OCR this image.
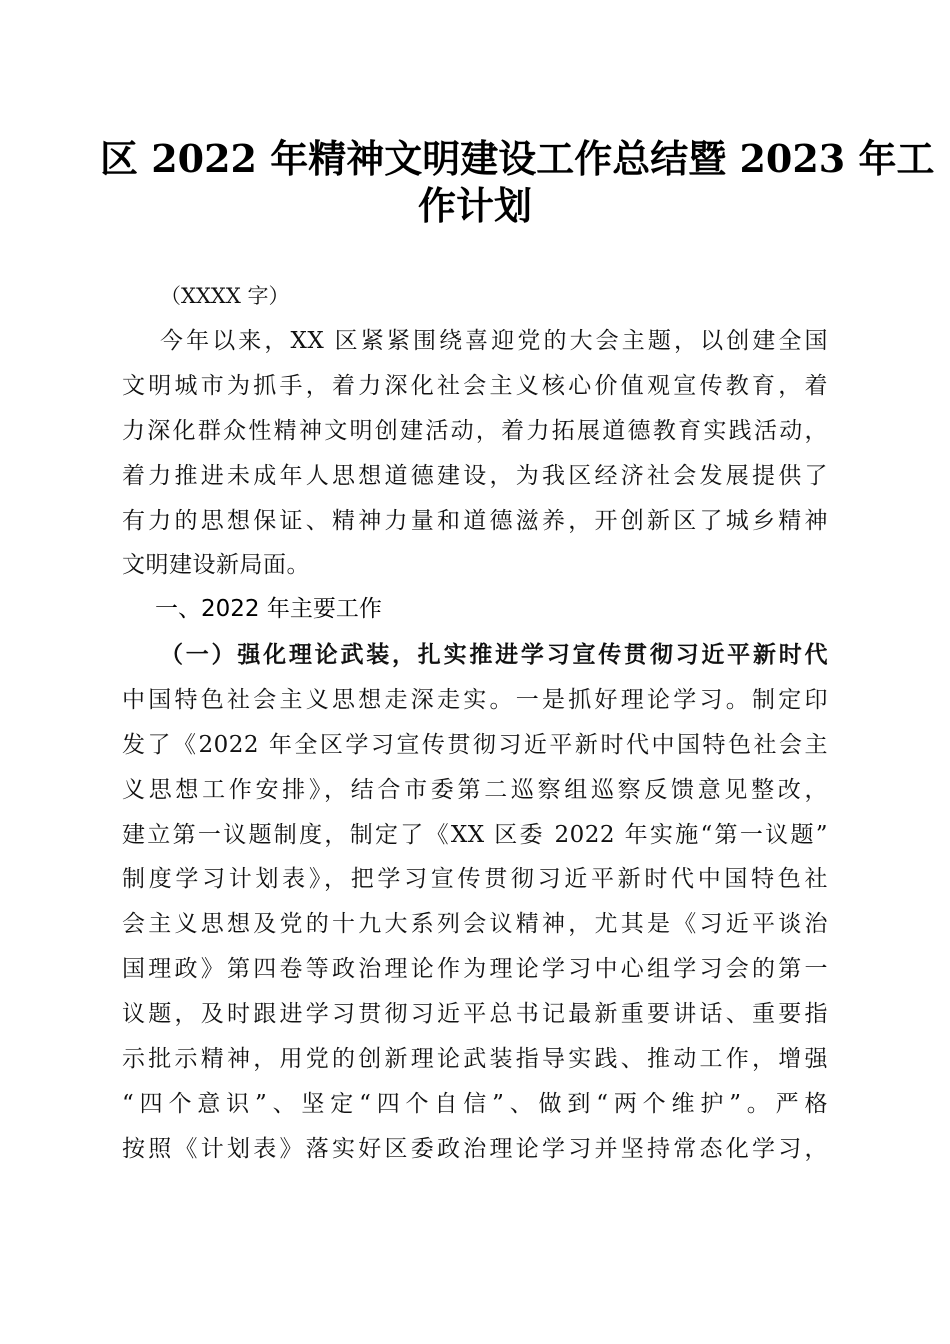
区 2022 年精神文明建设工作总结暨 2023 年工
作计划
（XXXX 字）
今年以来，XX 区紧紧围绕喜迎党的大会主题，以创建全国
文明城市为抓手，着力深化社会主义核心价值观宣传教育，着
力深化群众性精神文明创建活动，着力拓展道德教育实践活动，
着力推进未成年人思想道德建设，为我区经济社会发展提供了
有力的思想保证、精神力量和道德滋养，开创新区了城乡精神
文明建设新局面。
一、2022 年主要工作
（一）强化理论武装，扎实推进学习宣传贯彻习近平新时代
中国特色社会主义思想走深走实。一是抓好理论学习。制定印
发了《2022 年全区学习宣传贯彻习近平新时代中国特色社会主
义思想工作安排》，结合市委第二巡察组巡察反馈意见整改，
建立第一议题制度，制定了《XX 区委 2022 年实施“第一议题”
制度学习计划表》，把学习宣传贯彻习近平新时代中国特色社
会主义思想及党的十九大系列会议精神，尤其是《习近平谈治
国理政》第四卷等政治理论作为理论学习中心组学习会的第一
议题，及时跟进学习贯彻习近平总书记最新重要讲话、重要指
示批示精神，用党的创新理论武装指导实践、推动工作，增强
“四个意识”、坚定“四个自信”、做到“两个维护”。严格
按照《计划表》落实好区委政治理论学习并坚持常态化学习，
